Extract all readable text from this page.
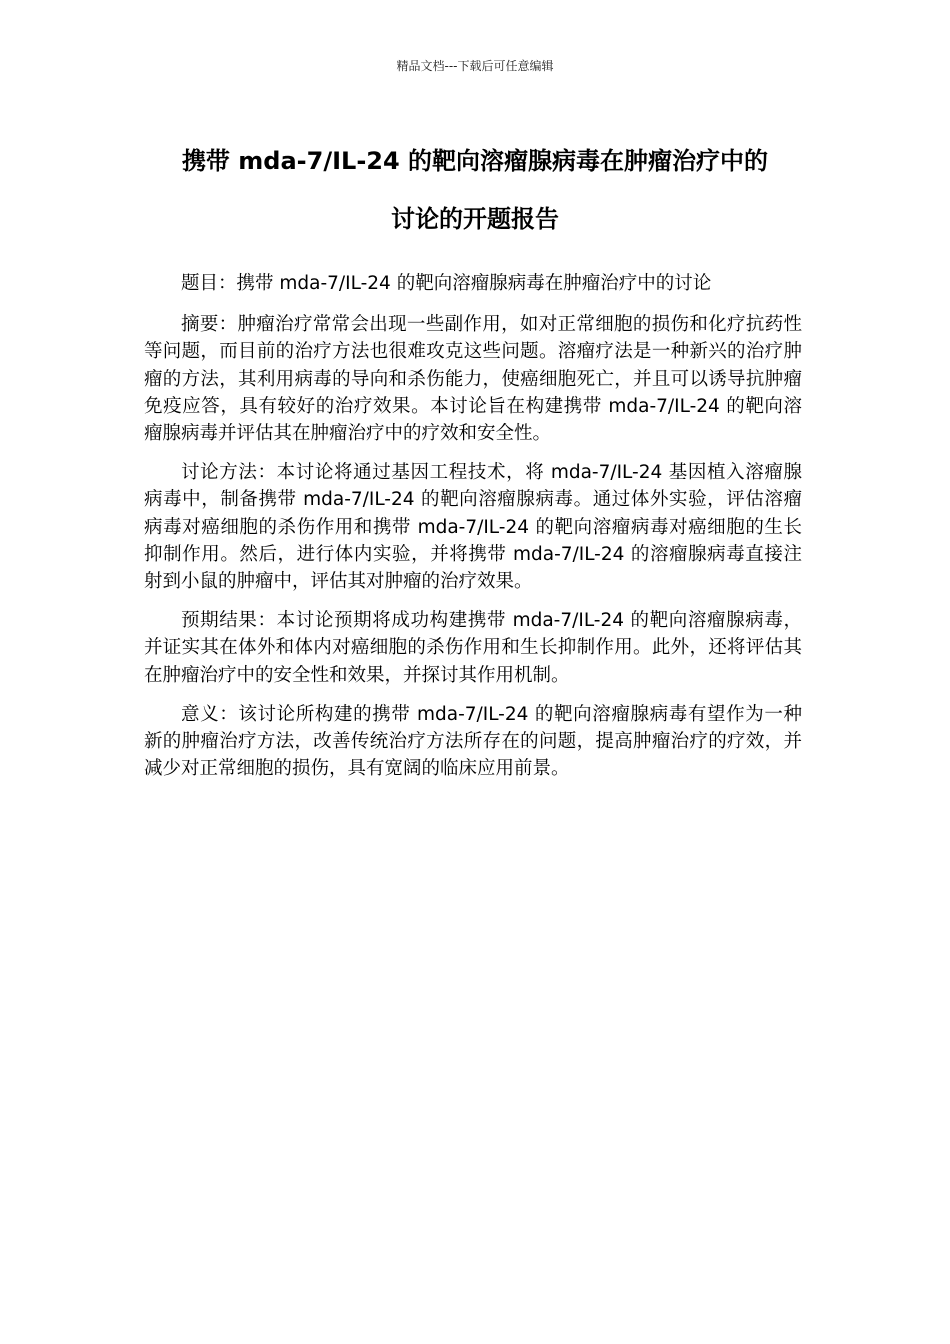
精品文档---下载后可任意编辑
携带 mda-7/IL-24 的靶向溶瘤腺病毒在肿瘤治疗中的
讨论的开题报告

题目：携带 mda-7/IL-24 的靶向溶瘤腺病毒在肿瘤治疗中的讨论

摘要：肿瘤治疗常常会出现一些副作用，如对正常细胞的损伤和化疗抗药性等问题，而目前的治疗方法也很难攻克这些问题。溶瘤疗法是一种新兴的治疗肿瘤的方法，其利用病毒的导向和杀伤能力，使癌细胞死亡，并且可以诱导抗肿瘤免疫应答，具有较好的治疗效果。本讨论旨在构建携带 mda-7/IL-24 的靶向溶瘤腺病毒并评估其在肿瘤治疗中的疗效和安全性。

讨论方法：本讨论将通过基因工程技术，将 mda-7/IL-24 基因植入溶瘤腺病毒中，制备携带 mda-7/IL-24 的靶向溶瘤腺病毒。通过体外实验，评估溶瘤病毒对癌细胞的杀伤作用和携带 mda-7/IL-24 的靶向溶瘤病毒对癌细胞的生长抑制作用。然后，进行体内实验，并将携带 mda-7/IL-24 的溶瘤腺病毒直接注射到小鼠的肿瘤中，评估其对肿瘤的治疗效果。

预期结果：本讨论预期将成功构建携带 mda-7/IL-24 的靶向溶瘤腺病毒，并证实其在体外和体内对癌细胞的杀伤作用和生长抑制作用。此外，还将评估其在肿瘤治疗中的安全性和效果，并探讨其作用机制。

意义：该讨论所构建的携带 mda-7/IL-24 的靶向溶瘤腺病毒有望作为一种新的肿瘤治疗方法，改善传统治疗方法所存在的问题，提高肿瘤治疗的疗效，并减少对正常细胞的损伤，具有宽阔的临床应用前景。
